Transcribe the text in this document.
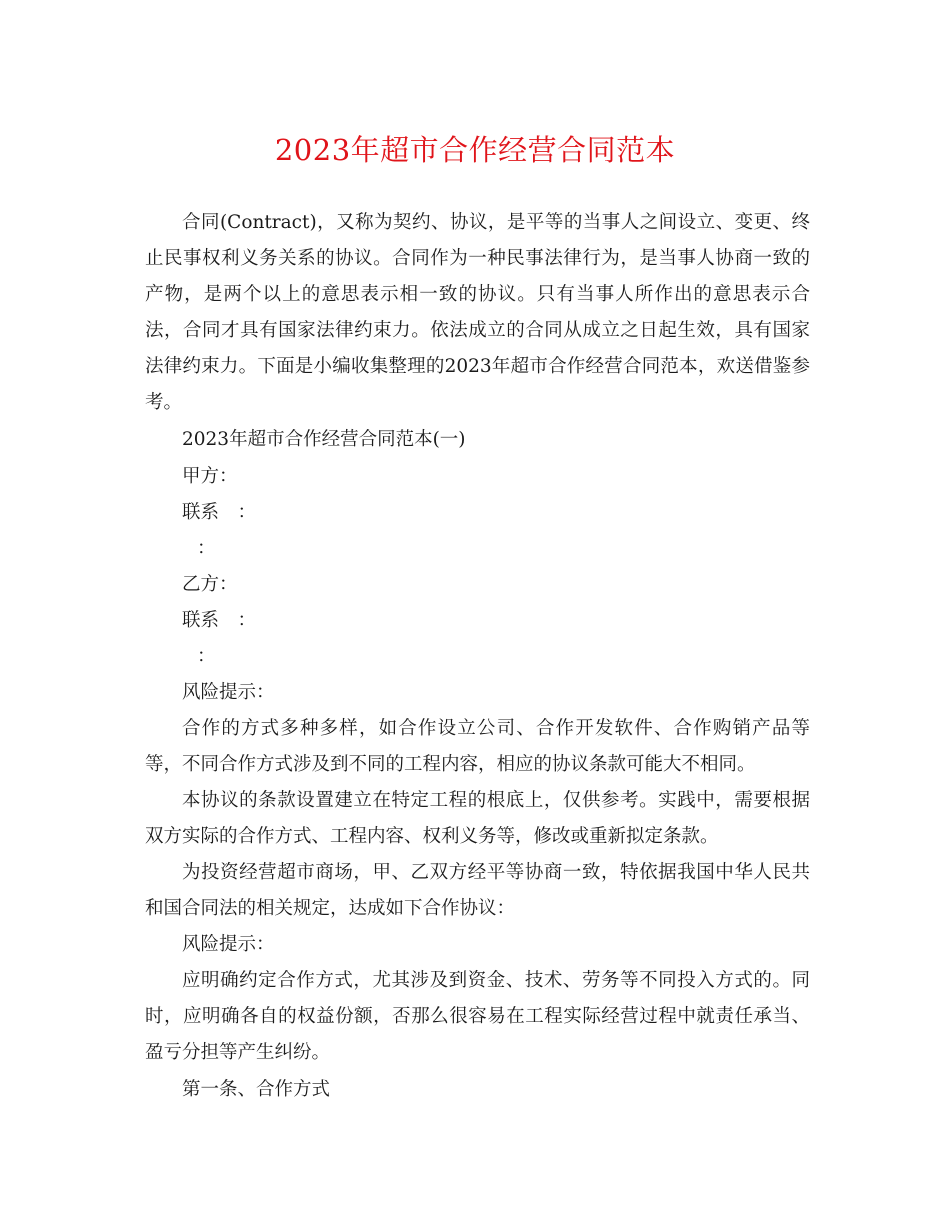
2023年超市合作经营合同范本

合同(Contract)，又称为契约、协议，是平等的当事人之间设立、变更、终止民事权利义务关系的协议。合同作为一种民事法律行为，是当事人协商一致的产物，是两个以上的意思表示相一致的协议。只有当事人所作出的意思表示合法，合同才具有国家法律约束力。依法成立的合同从成立之日起生效，具有国家法律约束力。下面是小编收集整理的2023年超市合作经营合同范本，欢送借鉴参考。

2023年超市合作经营合同范本(一)

甲方：

联系　：

：

乙方：

联系　：

：

风险提示：

合作的方式多种多样，如合作设立公司、合作开发软件、合作购销产品等等，不同合作方式涉及到不同的工程内容，相应的协议条款可能大不相同。

本协议的条款设置建立在特定工程的根底上，仅供参考。实践中，需要根据双方实际的合作方式、工程内容、权利义务等，修改或重新拟定条款。

为投资经营超市商场，甲、乙双方经平等协商一致，特依据我国中华人民共和国合同法的相关规定，达成如下合作协议：

风险提示：

应明确约定合作方式，尤其涉及到资金、技术、劳务等不同投入方式的。同时，应明确各自的权益份额，否那么很容易在工程实际经营过程中就责任承当、盈亏分担等产生纠纷。

第一条、合作方式
